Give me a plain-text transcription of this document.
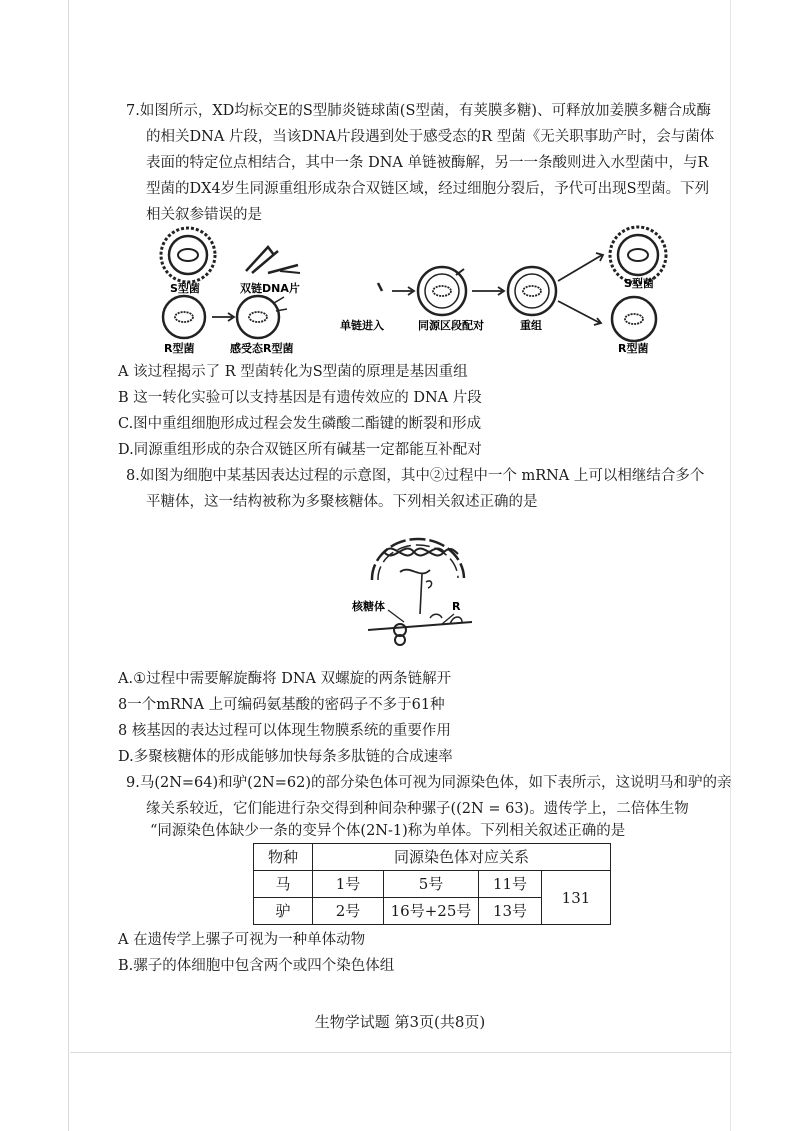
7.如图所示，XD均标交E的S型肺炎链球菌(S型菌，有荚膜多糖)、可释放加姜膜多糖合成酶
的相关DNA 片段，当该DNA片段遇到处于感受态的R 型菌《无关职事助产时，会与菌体
表面的特定位点相结合，其中一条 DNA 单链被酶解，另一一条酸则进入水型菌中，与R
型菌的DX4岁生同源重组形成杂合双链区域，经过细胞分裂后，予代可出现S型菌。下列
相关叙参错误的是
S型菌	双链DNA片
R型菌	感受态R型菌
单链进入	同源区段配对	重组
S型菌
R型菌
A 该过程揭示了 R 型菌转化为S型菌的原理是基因重组
B 这一转化实验可以支持基因是有遗传效应的 DNA 片段
C.图中重组细胞形成过程会发生磷酸二酯键的断裂和形成
D.同源重组形成的杂合双链区所有碱基一定都能互补配对
8.如图为细胞中某基因表达过程的示意图，其中②过程中一个 mRNA 上可以相继结合多个
平糖体，这一结构被称为多聚核糖体。下列相关叙述正确的是
核糖体	R
A.①过程中需要解旋酶将 DNA 双螺旋的两条链解开
8一个mRNA 上可编码氨基酸的密码子不多于61种
8 核基因的表达过程可以体现生物膜系统的重要作用
D.多聚核糖体的形成能够加快每条多肽链的合成速率
9.马(2N=64)和驴(2N=62)的部分染色体可视为同源染色体，如下表所示，这说明马和驴的亲
缘关系较近，它们能进行杂交得到种间杂种骡子((2N = 63)。遗传学上，二倍体生物
“同源染色体缺少一条的变异个体(2N-1)称为单体。下列相关叙述正确的是
物种	同源染色体对应关系			
马	1号	5号	11号	131
驴	2号	16号+25号	13号	
A 在遗传学上骡子可视为一种单体动物
B.骡子的体细胞中包含两个或四个染色体组
生物学试题 第3页(共8页)
